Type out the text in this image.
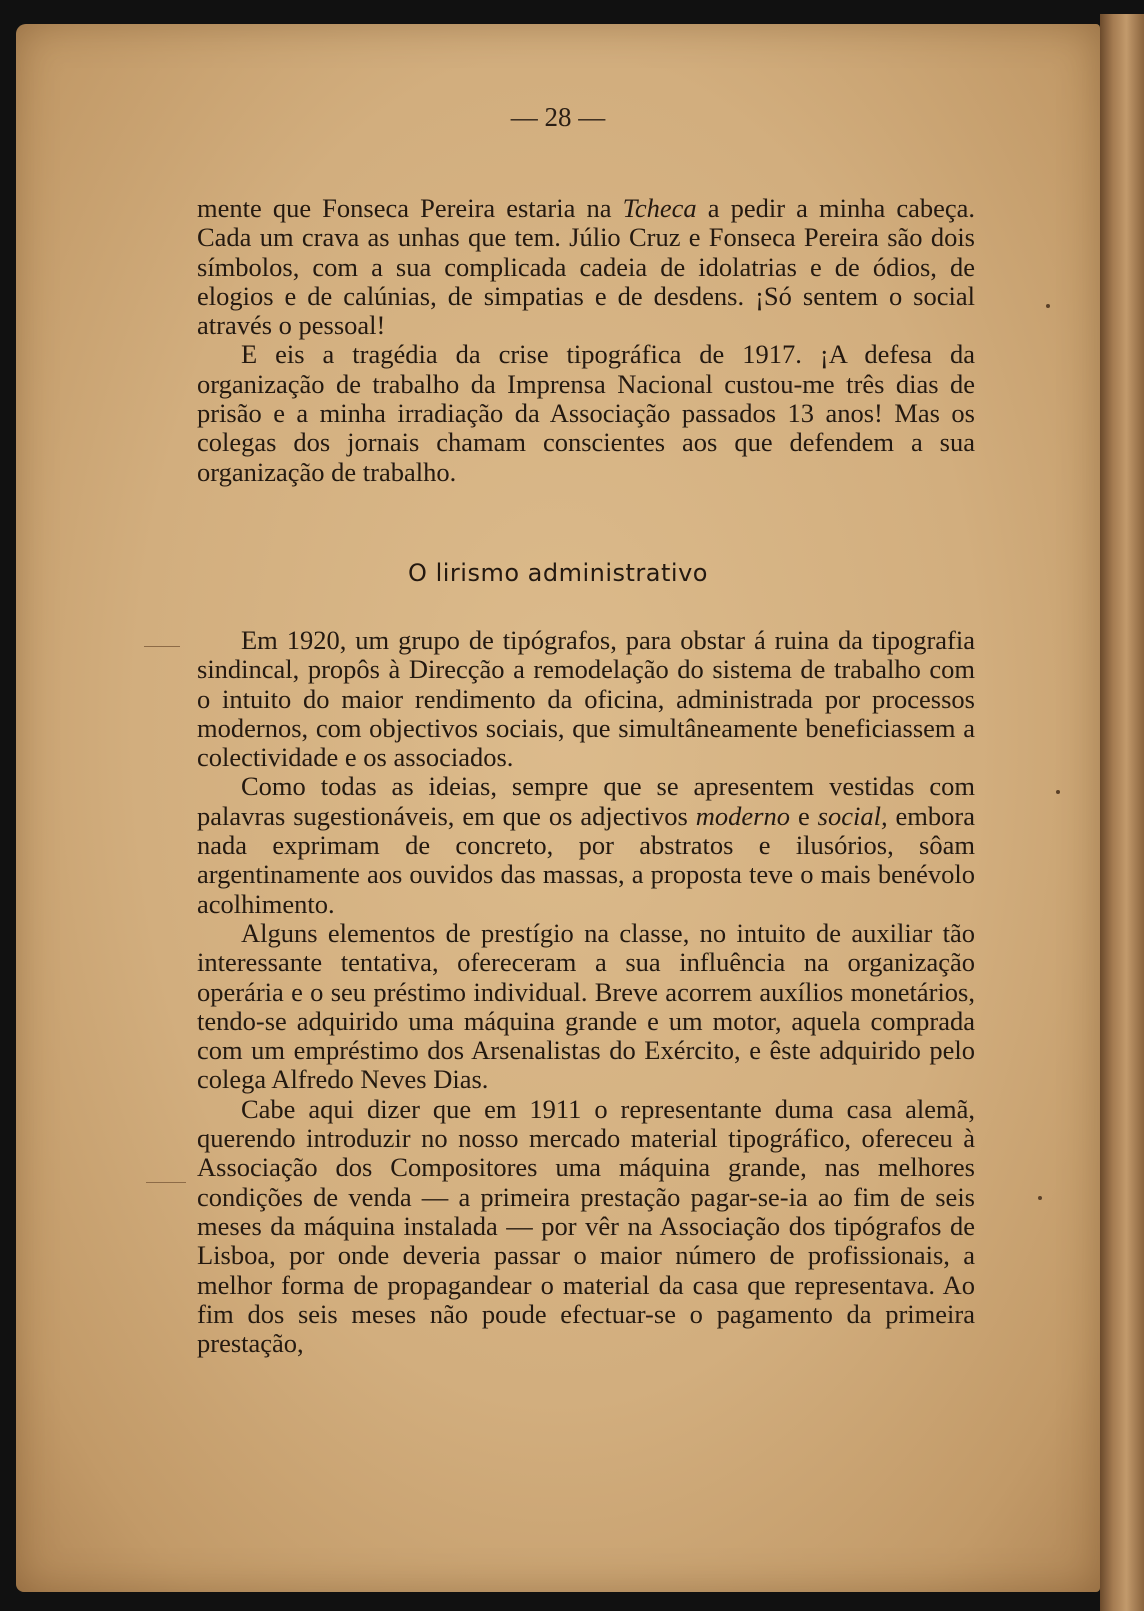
— 28 —

mente que Fonseca Pereira estaria na Tcheca a pedir a minha cabeça. Cada um crava as unhas que tem. Júlio Cruz e Fonseca Pereira são dois símbolos, com a sua complicada cadeia de idolatrias e de ódios, de elogios e de calúnias, de simpatias e de desdens. ¡Só sentem o social através o pessoal!

E eis a tragédia da crise tipográfica de 1917. ¡A defesa da organização de trabalho da Imprensa Nacional custou-me três dias de prisão e a minha irradiação da Associação passados 13 anos! Mas os colegas dos jornais chamam conscientes aos que defendem a sua organização de trabalho.

O lirismo administrativo

Em 1920, um grupo de tipógrafos, para obstar á ruina da tipografia sindincal, propôs à Direcção a remodelação do sistema de trabalho com o intuito do maior rendimento da oficina, administrada por processos modernos, com objectivos sociais, que simultâneamente beneficiassem a colectividade e os associados.

Como todas as ideias, sempre que se apresentem vestidas com palavras sugestionáveis, em que os adjectivos moderno e social, embora nada exprimam de concreto, por abstratos e ilusórios, sôam argentinamente aos ouvidos das massas, a proposta teve o mais benévolo acolhimento.

Alguns elementos de prestígio na classe, no intuito de auxiliar tão interessante tentativa, ofereceram a sua influência na organização operária e o seu préstimo individual. Breve acorrem auxílios monetários, tendo-se adquirido uma máquina grande e um motor, aquela comprada com um empréstimo dos Arsenalistas do Exército, e êste adquirido pelo colega Alfredo Neves Dias.

Cabe aqui dizer que em 1911 o representante duma casa alemã, querendo introduzir no nosso mercado material tipográfico, ofereceu à Associação dos Compositores uma máquina grande, nas melhores condições de venda — a primeira prestação pagar-se-ia ao fim de seis meses da máquina instalada — por vêr na Associação dos tipógrafos de Lisboa, por onde deveria passar o maior número de profissionais, a melhor forma de propagandear o material da casa que representava. Ao fim dos seis meses não poude efectuar-se o pagamento da primeira prestação,
